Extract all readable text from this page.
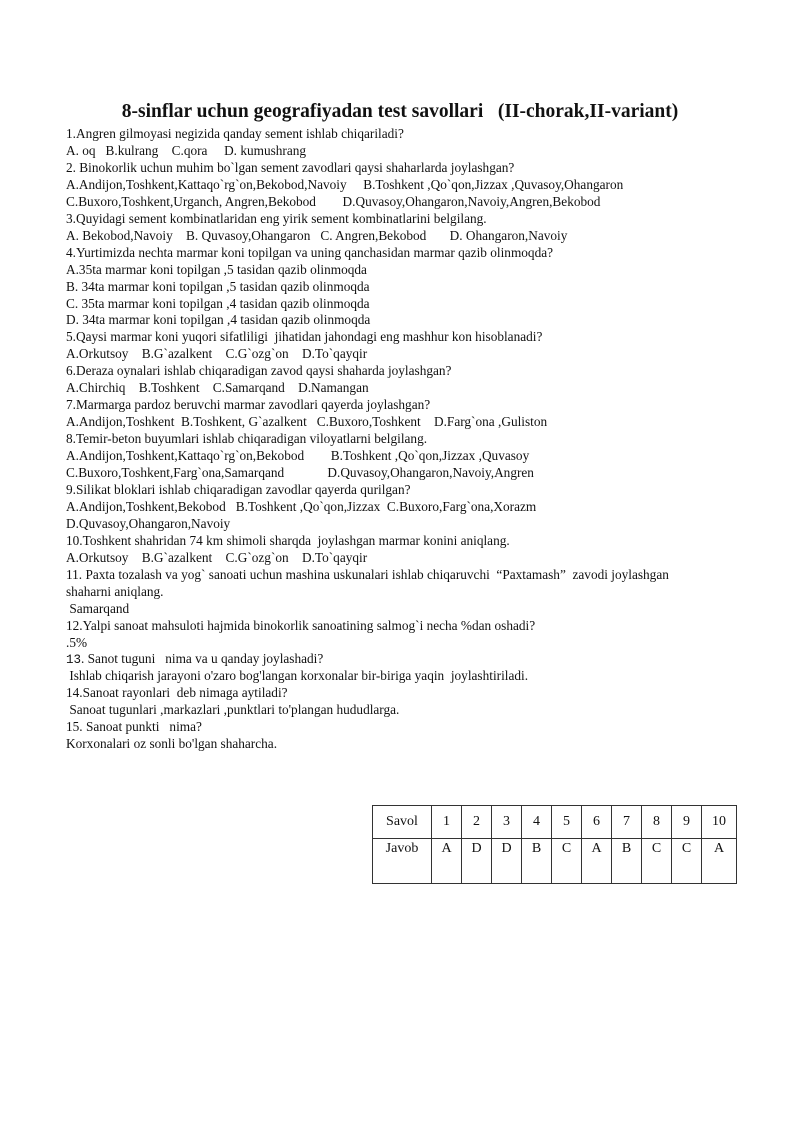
8-sinflar uchun geografiyadan test savollari   (II-chorak,II-variant)
1.Angren gilmoyasi negizida qanday sement ishlab chiqariladi?
A. oq   B.kulrang    C.qora     D. kumushrang
2. Binokorlik uchun muhim bo`lgan sement zavodlari qaysi shaharlarda joylashgan?
A.Andijon,Toshkent,Kattaqo`rg`on,Bekobod,Navoiy     B.Toshkent ,Qo`qon,Jizzax ,Quvasoy,Ohangaron
C.Buxoro,Toshkent,Urganch, Angren,Bekobod        D.Quvasoy,Ohangaron,Navoiy,Angren,Bekobod
3.Quyidagi sement kombinatlaridan eng yirik sement kombinatlarini belgilang.
A. Bekobod,Navoiy    B. Quvasoy,Ohangaron   C. Angren,Bekobod       D. Ohangaron,Navoiy
4.Yurtimizda nechta marmar koni topilgan va uning qanchasidan marmar qazib olinmoqda?
A.35ta marmar koni topilgan ,5 tasidan qazib olinmoqda
B. 34ta marmar koni topilgan ,5 tasidan qazib olinmoqda
C. 35ta marmar koni topilgan ,4 tasidan qazib olinmoqda
D. 34ta marmar koni topilgan ,4 tasidan qazib olinmoqda
5.Qaysi marmar koni yuqori sifatliligi  jihatidan jahondagi eng mashhur kon hisoblanadi?
A.Orkutsoy    B.G`azalkent    C.G`ozg`on    D.To`qayqir
6.Deraza oynalari ishlab chiqaradigan zavod qaysi shaharda joylashgan?
A.Chirchiq    B.Toshkent    C.Samarqand    D.Namangan
7.Marmarga pardoz beruvchi marmar zavodlari qayerda joylashgan?
A.Andijon,Toshkent  B.Toshkent, G`azalkent   C.Buxoro,Toshkent    D.Farg`ona ,Guliston
8.Temir-beton buyumlari ishlab chiqaradigan viloyatlarni belgilang.
A.Andijon,Toshkent,Kattaqo`rg`on,Bekobod        B.Toshkent ,Qo`qon,Jizzax ,Quvasoy
C.Buxoro,Toshkent,Farg`ona,Samarqand             D.Quvasoy,Ohangaron,Navoiy,Angren
9.Silikat bloklari ishlab chiqaradigan zavodlar qayerda qurilgan?
A.Andijon,Toshkent,Bekobod   B.Toshkent ,Qo`qon,Jizzax  C.Buxoro,Farg`ona,Xorazm
D.Quvasoy,Ohangaron,Navoiy
10.Toshkent shahridan 74 km shimoli sharqda  joylashgan marmar konini aniqlang.
A.Orkutsoy    B.G`azalkent    C.G`ozg`on    D.To`qayqir
11. Paxta tozalash va yog` sanoati uchun mashina uskunalari ishlab chiqaruvchi  “Paxtamash”  zavodi joylashgan
shaharni aniqlang.
Samarqand
12.Yalpi sanoat mahsuloti hajmida binokorlik sanoatining salmog`i necha %dan oshadi?
.5%
13. Sanot tuguni   nima va u qanday joylashadi?
Ishlab chiqarish jarayoni o'zaro bog'langan korxonalar bir-biriga yaqin  joylashtiriladi.
14.Sanoat rayonlari  deb nimaga aytiladi?
Sanoat tugunlari ,markazlari ,punktlari to'plangan hududlarga.
15. Sanoat punkti   nima?
Korxonalari oz sonli bo'lgan shaharcha.
Savol	1	2	3	4	5	6	7	8	9	10
Javob	A	D	D	B	C	A	B	C	C	A
